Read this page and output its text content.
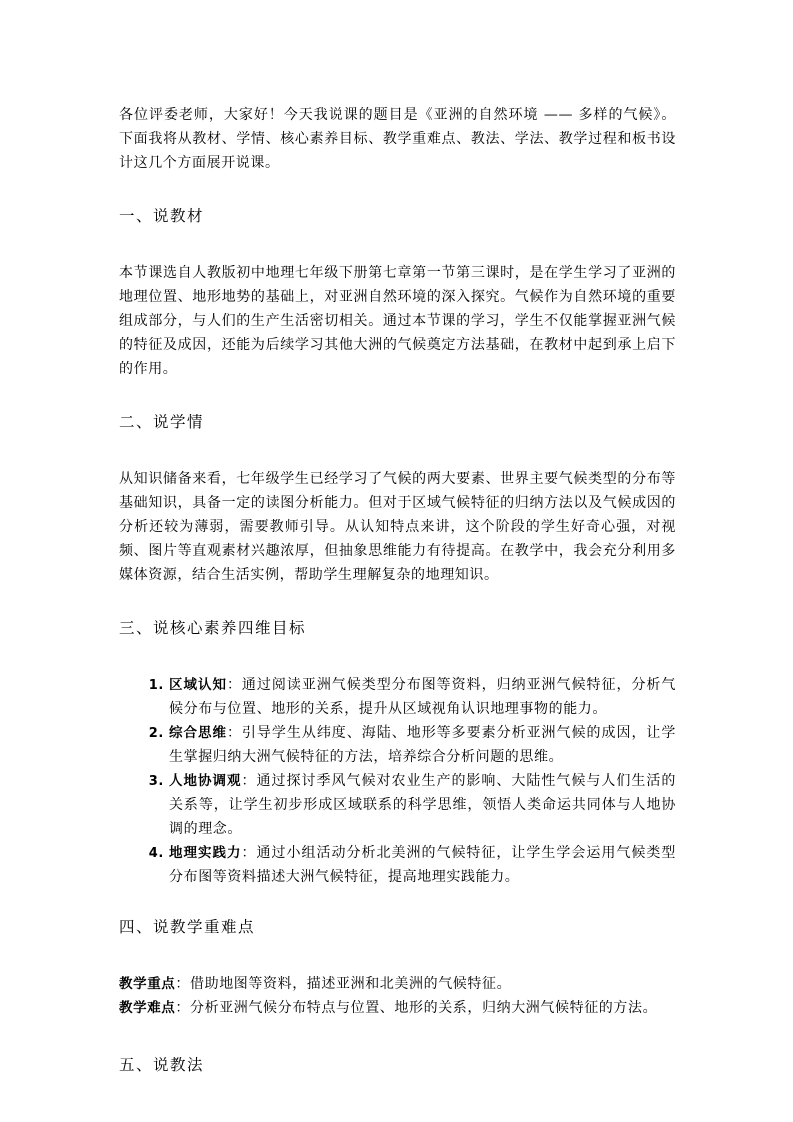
各位评委老师，大家好！今天我说课的题目是《亚洲的自然环境 —— 多样的气候》。下面我将从教材、学情、核心素养目标、教学重难点、教法、学法、教学过程和板书设计这几个方面展开说课。

一、说教材

本节课选自人教版初中地理七年级下册第七章第一节第三课时，是在学生学习了亚洲的地理位置、地形地势的基础上，对亚洲自然环境的深入探究。气候作为自然环境的重要组成部分，与人们的生产生活密切相关。通过本节课的学习，学生不仅能掌握亚洲气候的特征及成因，还能为后续学习其他大洲的气候奠定方法基础，在教材中起到承上启下的作用。

二、说学情

从知识储备来看，七年级学生已经学习了气候的两大要素、世界主要气候类型的分布等基础知识，具备一定的读图分析能力。但对于区域气候特征的归纳方法以及气候成因的分析还较为薄弱，需要教师引导。从认知特点来讲，这个阶段的学生好奇心强，对视频、图片等直观素材兴趣浓厚，但抽象思维能力有待提高。在教学中，我会充分利用多媒体资源，结合生活实例，帮助学生理解复杂的地理知识。

三、说核心素养四维目标
1. 区域认知：通过阅读亚洲气候类型分布图等资料，归纳亚洲气候特征，分析气候分布与位置、地形的关系，提升从区域视角认识地理事物的能力。
2. 综合思维：引导学生从纬度、海陆、地形等多要素分析亚洲气候的成因，让学生掌握归纳大洲气候特征的方法，培养综合分析问题的思维。
3. 人地协调观：通过探讨季风气候对农业生产的影响、大陆性气候与人们生活的关系等，让学生初步形成区域联系的科学思维，领悟人类命运共同体与人地协调的理念。
4. 地理实践力：通过小组活动分析北美洲的气候特征，让学生学会运用气候类型分布图等资料描述大洲气候特征，提高地理实践能力。
四、说教学重难点

教学重点：借助地图等资料，描述亚洲和北美洲的气候特征。

教学难点：分析亚洲气候分布特点与位置、地形的关系，归纳大洲气候特征的方法。

五、说教法
